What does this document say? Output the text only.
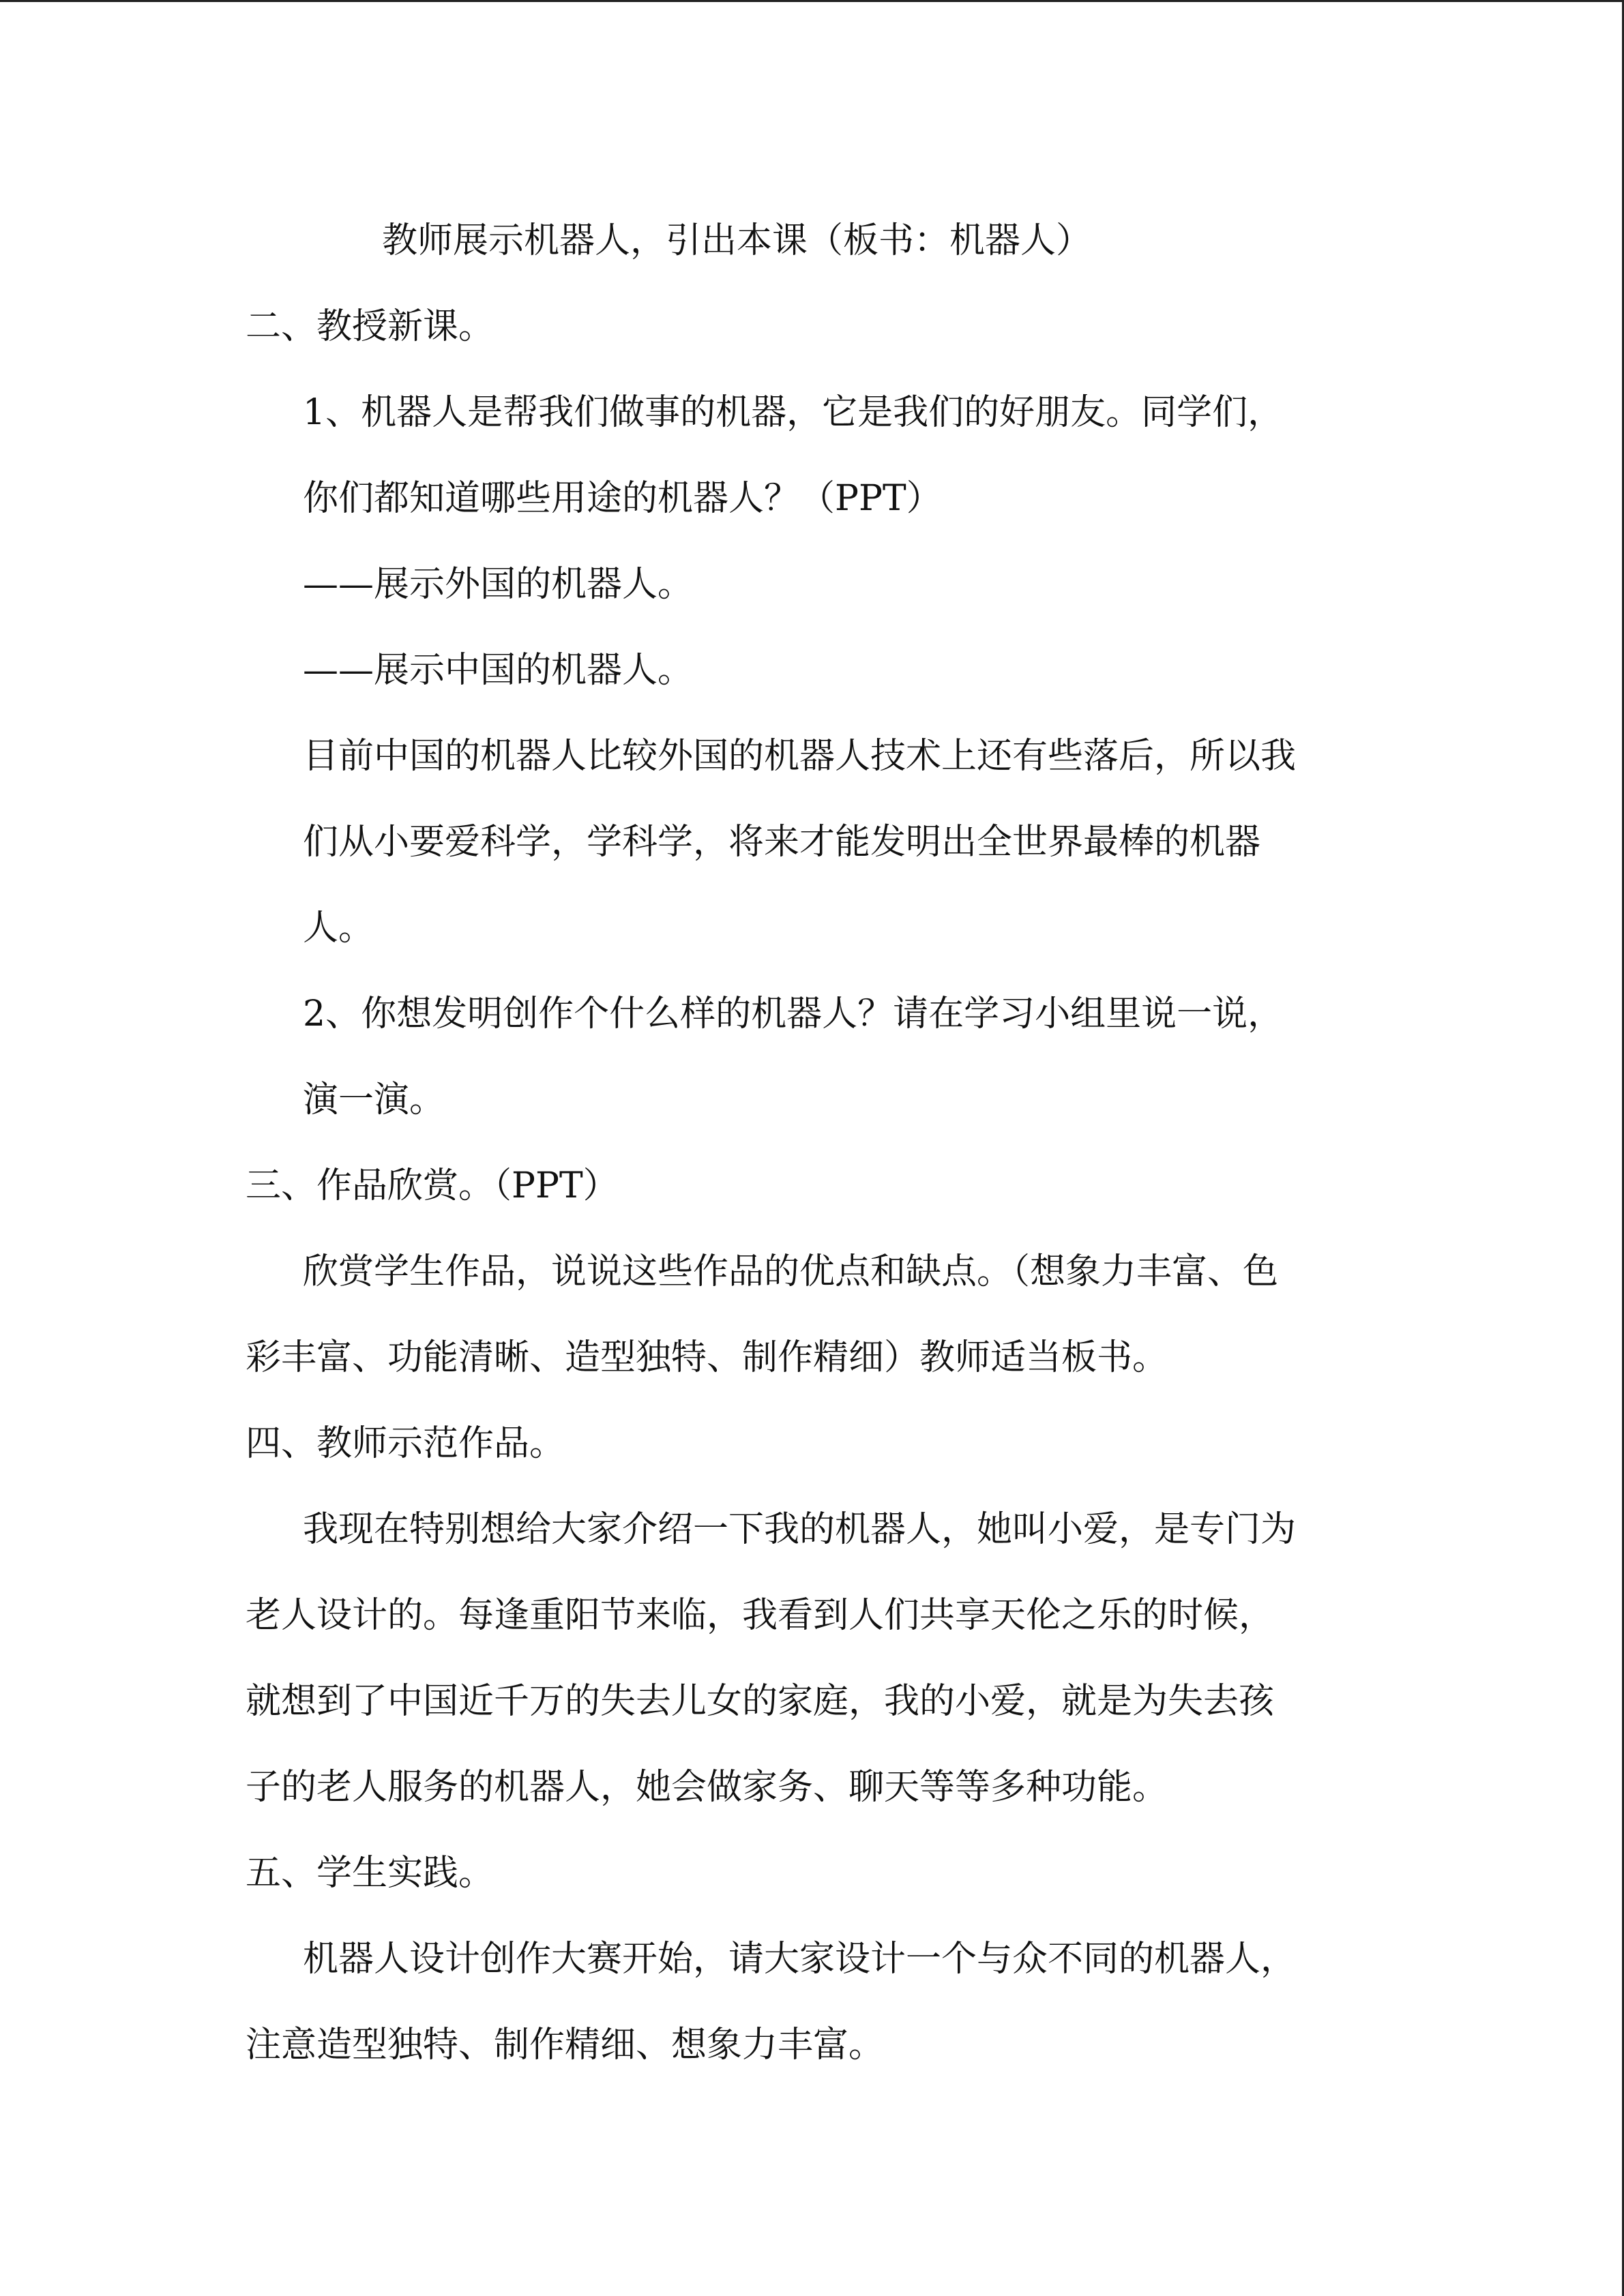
教师展示机器人，引出本课（板书：机器人）

二、教授新课。

1、机器人是帮我们做事的机器，它是我们的好朋友。同学们，

你们都知道哪些用途的机器人？（PPT）

——展示外国的机器人。

——展示中国的机器人。

目前中国的机器人比较外国的机器人技术上还有些落后，所以我

们从小要爱科学，学科学，将来才能发明出全世界最棒的机器

人。

2、你想发明创作个什么样的机器人？请在学习小组里说一说，

演一演。

三、作品欣赏。（PPT）

欣赏学生作品，说说这些作品的优点和缺点。（想象力丰富、色

彩丰富、功能清晰、造型独特、制作精细）教师适当板书。

四、教师示范作品。

我现在特别想给大家介绍一下我的机器人，她叫小爱，是专门为

老人设计的。每逢重阳节来临，我看到人们共享天伦之乐的时候，

就想到了中国近千万的失去儿女的家庭，我的小爱，就是为失去孩

子的老人服务的机器人，她会做家务、聊天等等多种功能。

五、学生实践。

机器人设计创作大赛开始，请大家设计一个与众不同的机器人，

注意造型独特、制作精细、想象力丰富。
